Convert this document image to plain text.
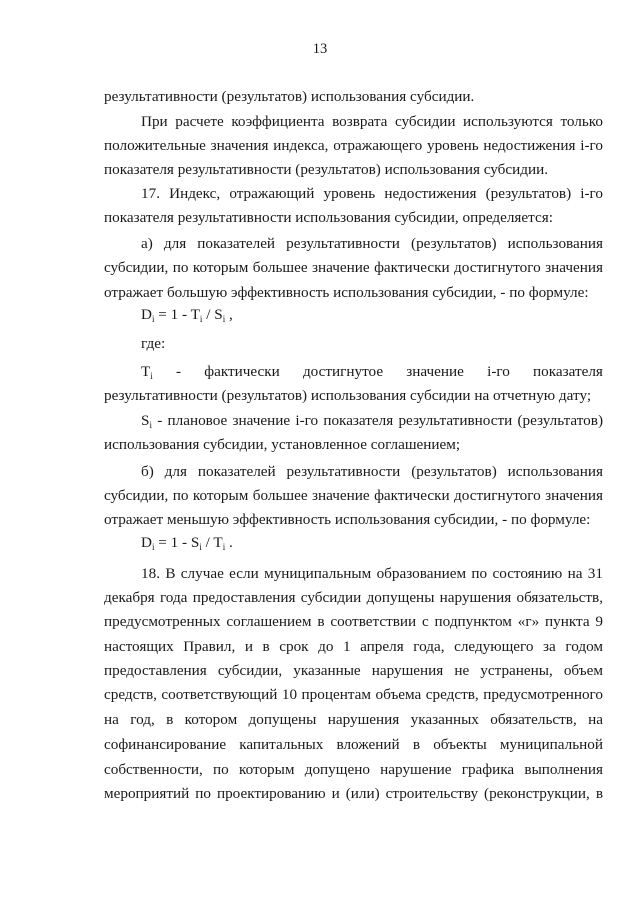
13
результативности (результатов) использования субсидии.
При расчете коэффициента возврата субсидии используются только
положительные значения индекса, отражающего уровень недостижения i-го
показателя результативности (результатов) использования субсидии.
17. Индекс, отражающий уровень недостижения (результатов) i-го
показателя результативности использования субсидии, определяется:
а) для показателей результативности (результатов) использования
субсидии, по которым большее значение фактически достигнутого значения
отражает большую эффективность использования субсидии, - по формуле:
$D_i = 1 - T_i / S_i$ ,
где:
$T_i$ - фактически достигнутое значение i-го показателя
результативности (результатов) использования субсидии на отчетную дату;
$S_i$ - плановое значение i-го показателя результативности (результатов)
использования субсидии, установленное соглашением;
б) для показателей результативности (результатов) использования
субсидии, по которым большее значение фактически достигнутого значения
отражает меньшую эффективность использования субсидии, - по формуле:
$D_i = 1 - S_i / T_i$ .
18. В случае если муниципальным образованием по состоянию на 31
декабря года предоставления субсидии допущены нарушения обязательств,
предусмотренных соглашением в соответствии с подпунктом «г» пункта 9
настоящих Правил, и в срок до 1 апреля года, следующего за годом
предоставления субсидии, указанные нарушения не устранены, объем
средств, соответствующий 10 процентам объема средств, предусмотренного
на год, в котором допущены нарушения указанных обязательств, на
софинансирование капитальных вложений в объекты муниципальной
собственности, по которым допущено нарушение графика выполнения
мероприятий по проектированию и (или) строительству (реконструкции, в
